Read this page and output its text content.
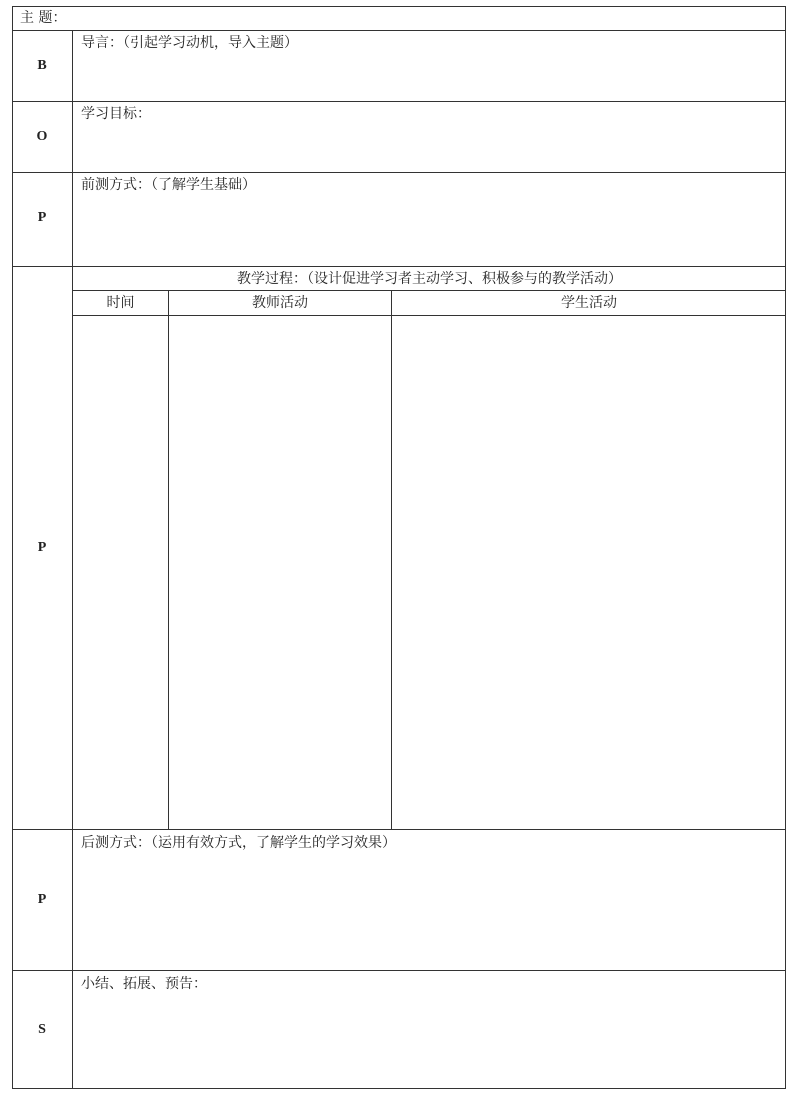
主 题：
B
导言：（引起学习动机，导入主题）
O
学习目标：
P
前测方式：（了解学生基础）
P
教学过程：（设计促进学习者主动学习、积极参与的教学活动）
时间	教师活动	学生活动
P
后测方式：（运用有效方式，了解学生的学习效果）
S
小结、拓展、预告：
